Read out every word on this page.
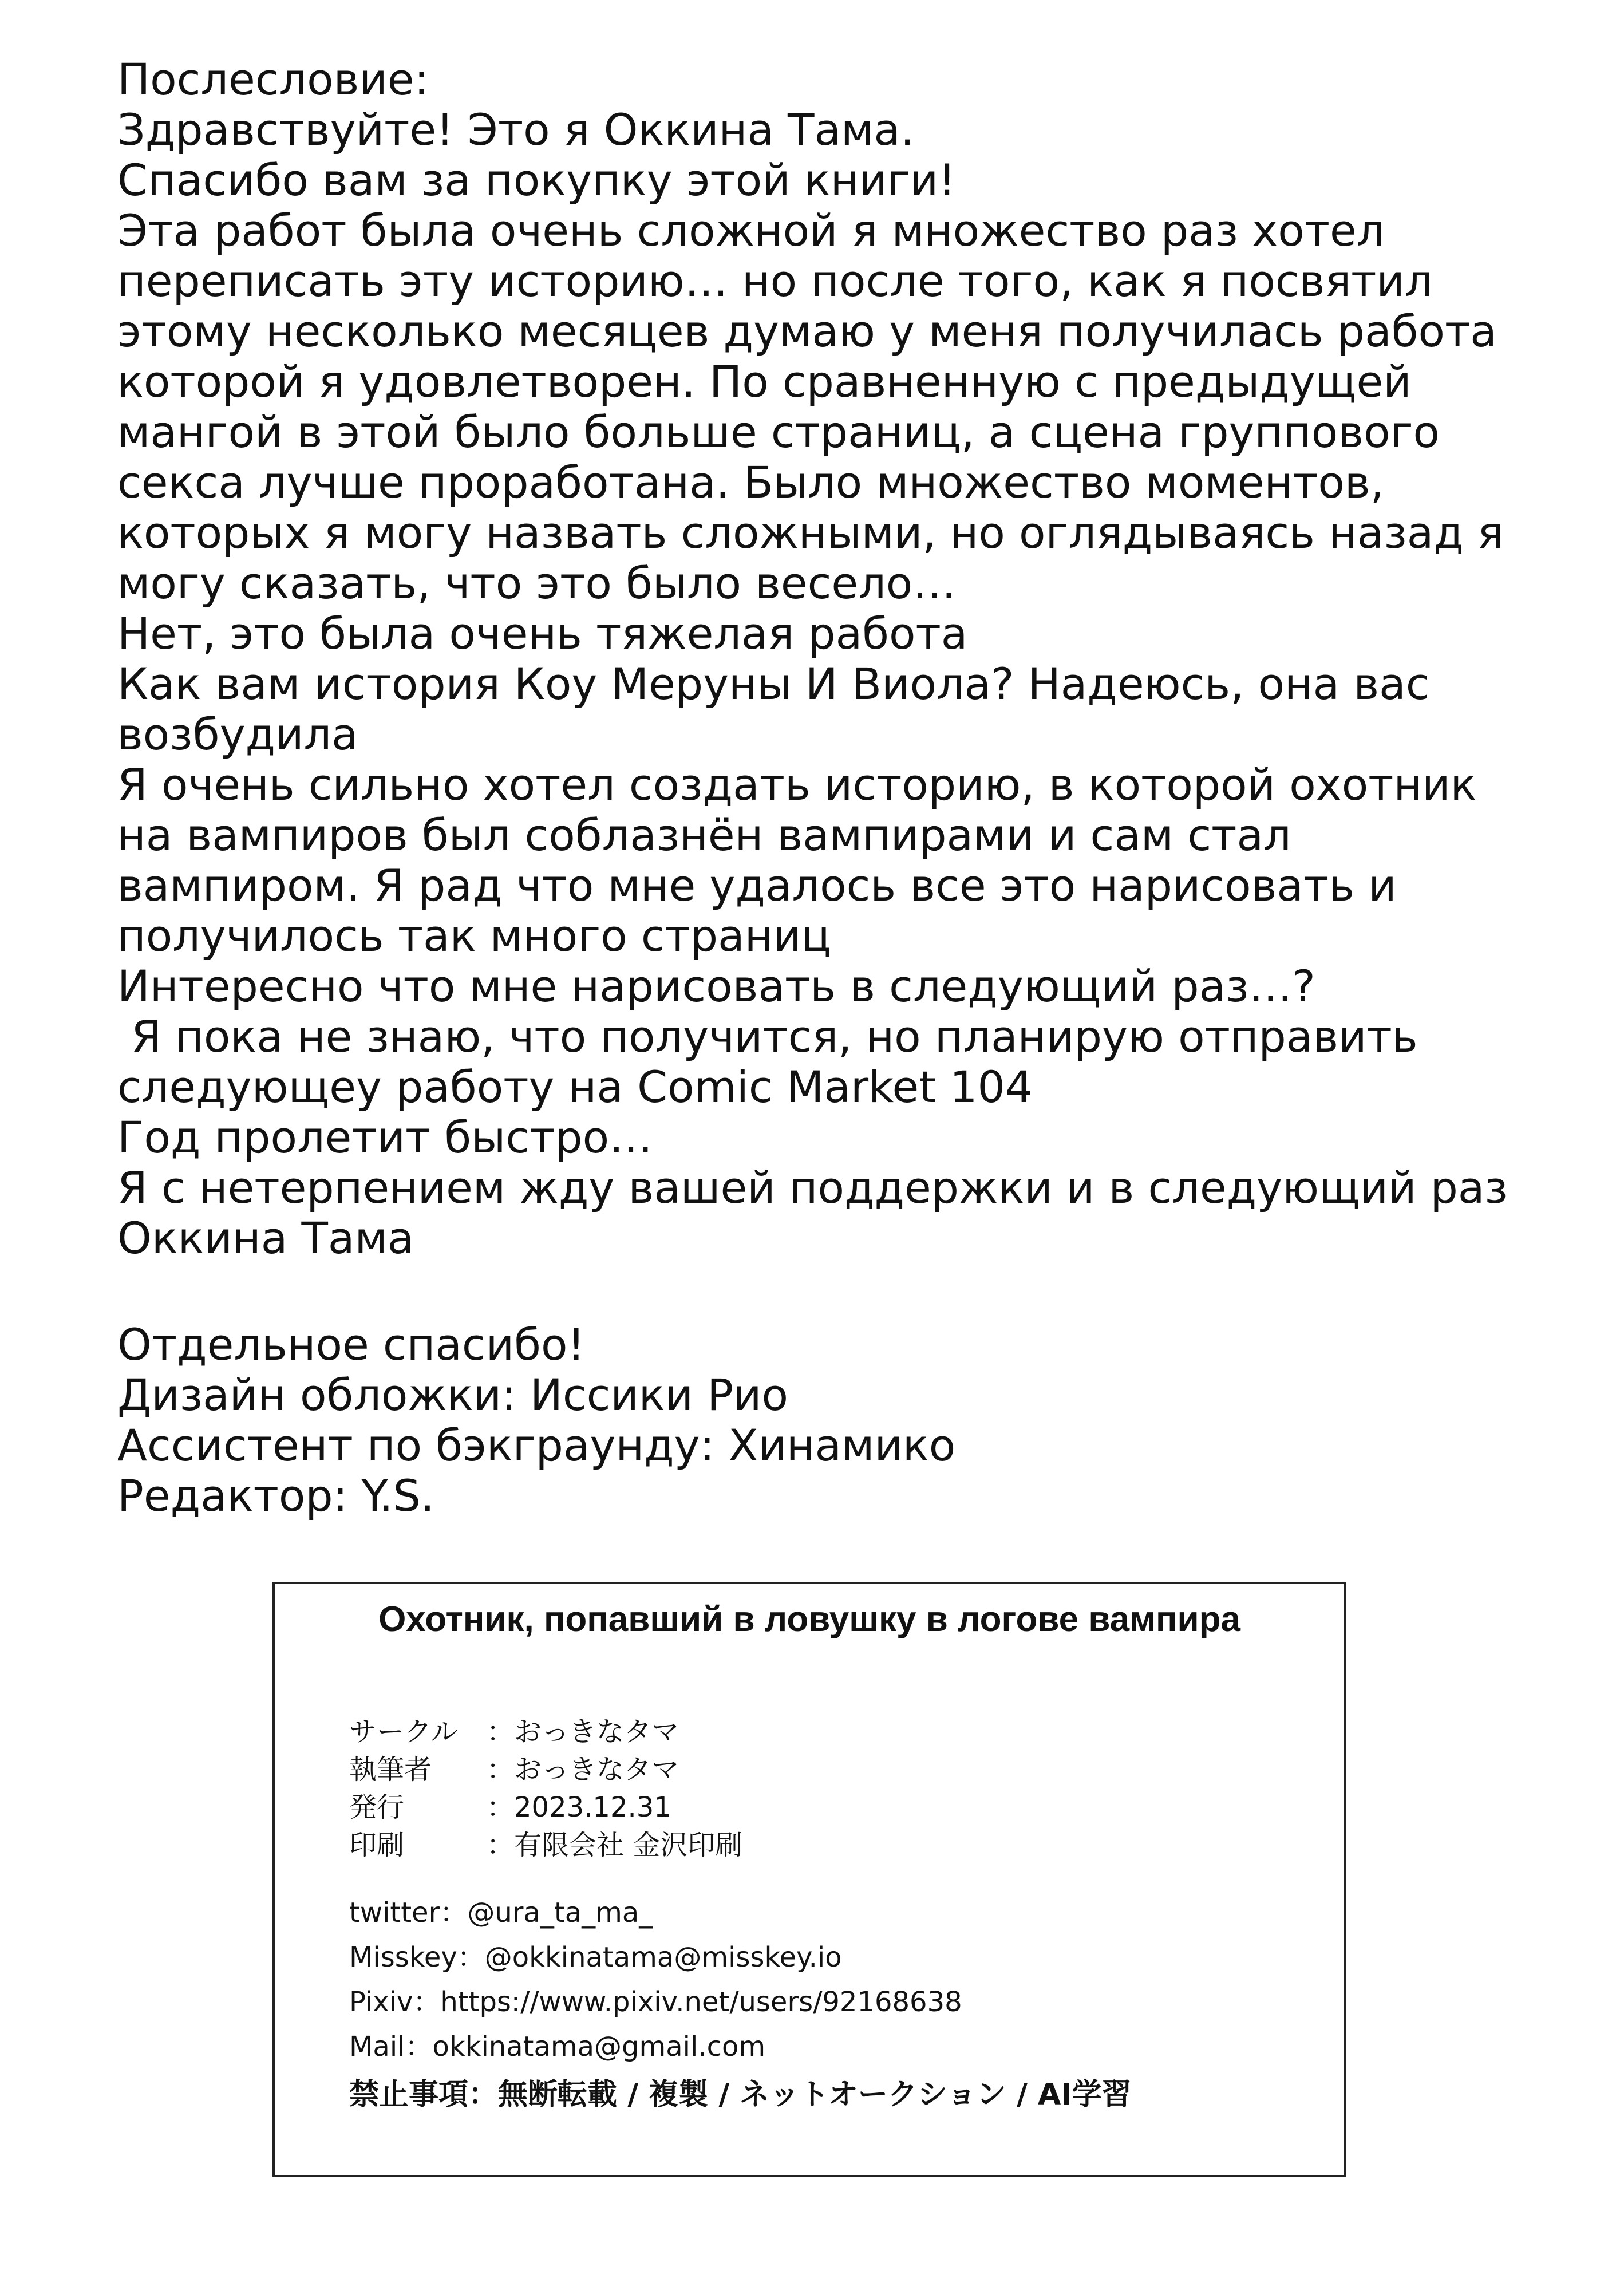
Послесловие:
Здравствуйте! Это я Оккина Тама.
Спасибо вам за покупку этой книги!
Эта работ была очень сложной я множество раз хотел
переписать эту историю… но после того, как я посвятил
этому несколько месяцев думаю у меня получилась работа
которой я удовлетворен. По сравненную с предыдущей
мангой в этой было больше страниц, а сцена группового
секса лучше проработана. Было множество моментов,
которых я могу назвать сложными, но оглядываясь назад я
могу сказать, что это было весело…
Нет, это была очень тяжелая работа
Как вам история Коу Меруны И Виола? Надеюсь, она вас
возбудила
Я очень сильно хотел создать историю, в которой охотник
на вампиров был соблазнён вампирами и сам стал
вампиром. Я рад что мне удалось все это нарисовать и
получилось так много страниц
Интересно что мне нарисовать в следующий раз…?
Я пока не знаю, что получится, но планирую отправить
следующеу работу на Comic Market 104
Год пролетит быстро…
Я с нетерпением жду вашей поддержки и в следующий раз
Оккина Тама
Отдельное спасибо!
Дизайн обложки: Иссики Рио
Ассистент по бэкграунду: Хинамико
Редактор: Y.S.
Охотник, попавший в ловушку в логове вампира
サークル	：おっきなタマ
執筆者	：おっきなタマ
発行	：2023.12.31
印刷	：有限会社 金沢印刷
twitter：@ura_ta_ma_
Misskey：@okkinatama@misskey.io
Pixiv：https://www.pixiv.net/users/92168638
Mail：okkinatama@gmail.com
禁止事項：無断転載 / 複製 / ネットオークション / AI学習
